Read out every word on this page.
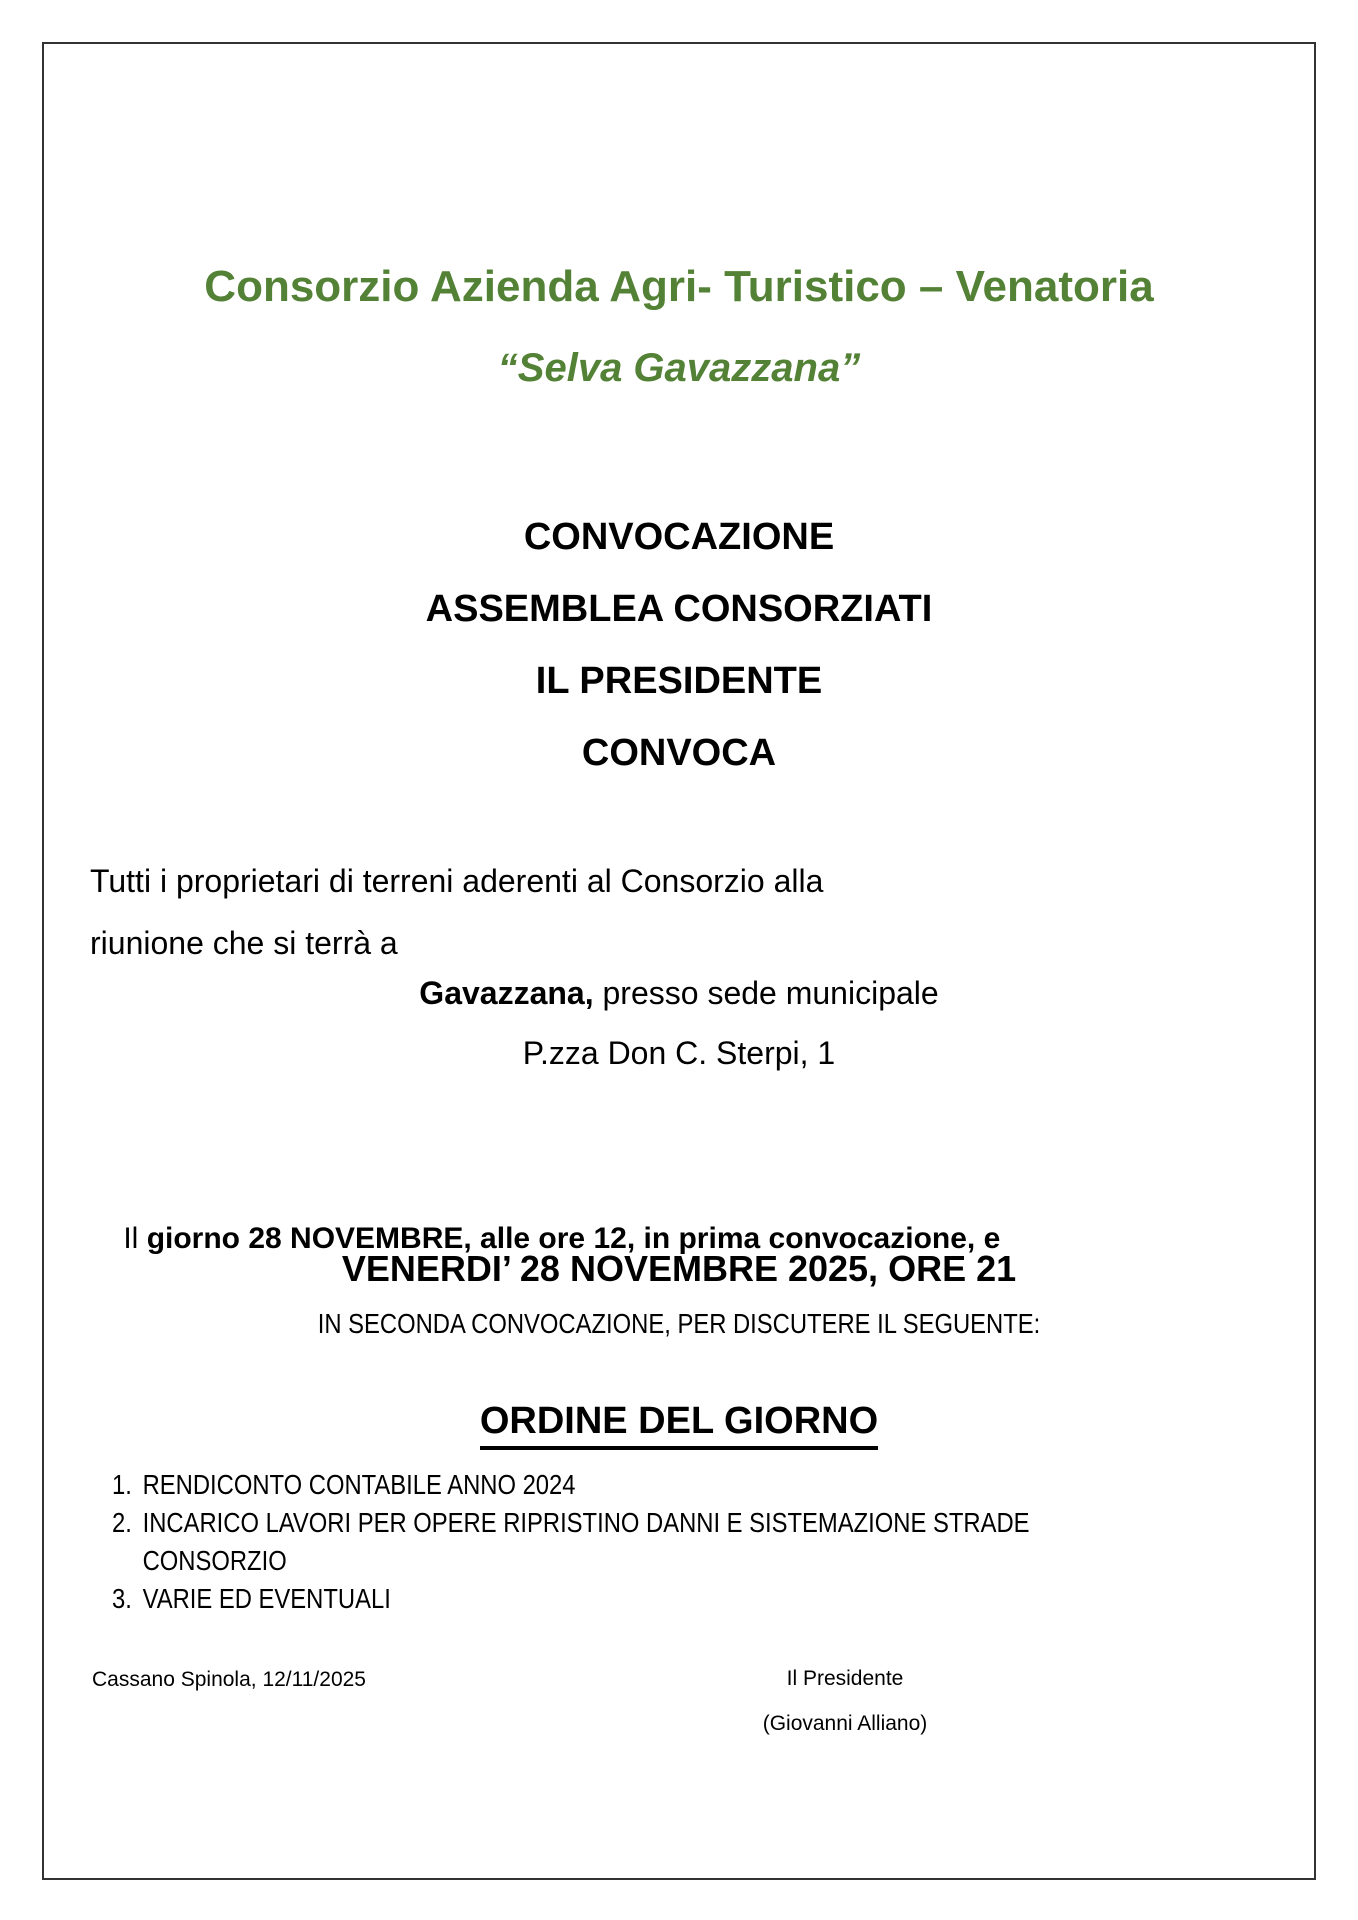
Consorzio Azienda Agri- Turistico – Venatoria
“Selva Gavazzana”
CONVOCAZIONE
ASSEMBLEA CONSORZIATI
IL PRESIDENTE
CONVOCA
Tutti i proprietari di terreni aderenti al Consorzio alla
riunione che si terrà a
Gavazzana, presso sede municipale
P.zza Don C. Sterpi, 1

Il giorno 28 NOVEMBRE, alle ore 12, in prima convocazione, e

VENERDI’ 28 NOVEMBRE 2025, ORE 21
IN SECONDA CONVOCAZIONE, PER DISCUTERE IL SEGUENTE:
ORDINE DEL GIORNO
1. RENDICONTO CONTABILE ANNO 2024
2. INCARICO LAVORI PER OPERE RIPRISTINO DANNI E SISTEMAZIONE STRADE
CONSORZIO
3. VARIE ED EVENTUALI
Cassano Spinola, 12/11/2025	Il Presidente
(Giovanni Alliano)
